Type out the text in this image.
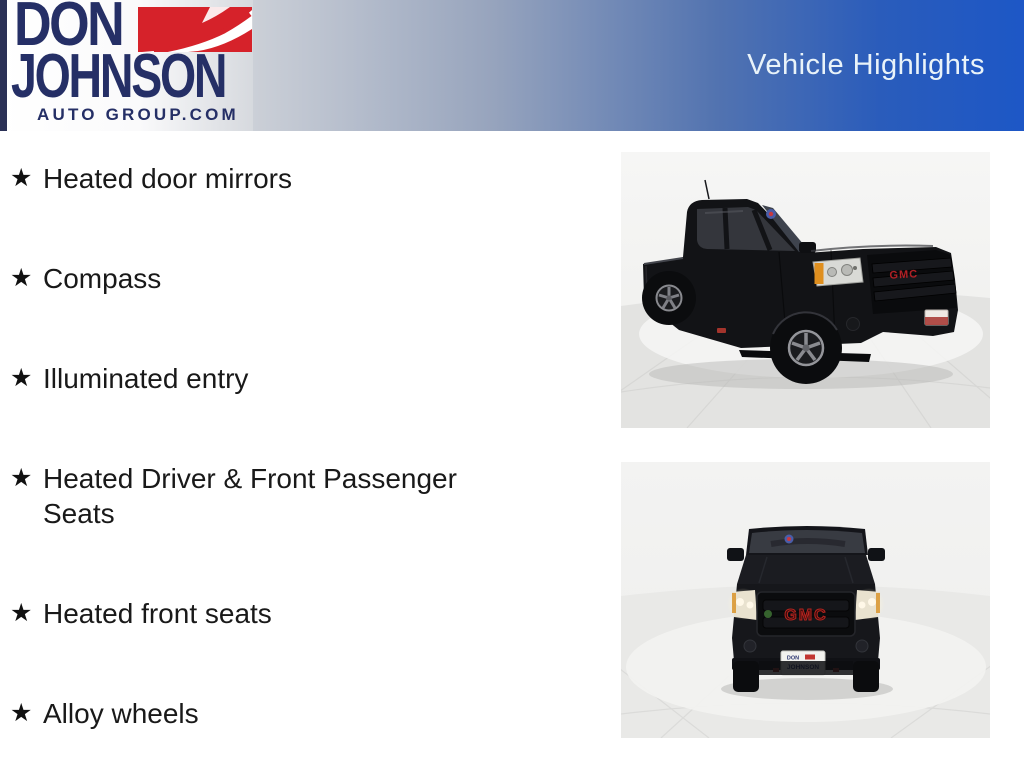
Vehicle Highlights
DON
JOHNSON
AUTO GROUP.COM
★ Heated door mirrors
★ Compass
★ Illuminated entry
★ Heated Driver & Front Passenger Seats
★ Heated front seats
★ Alloy wheels
GMC
GMC
DON
